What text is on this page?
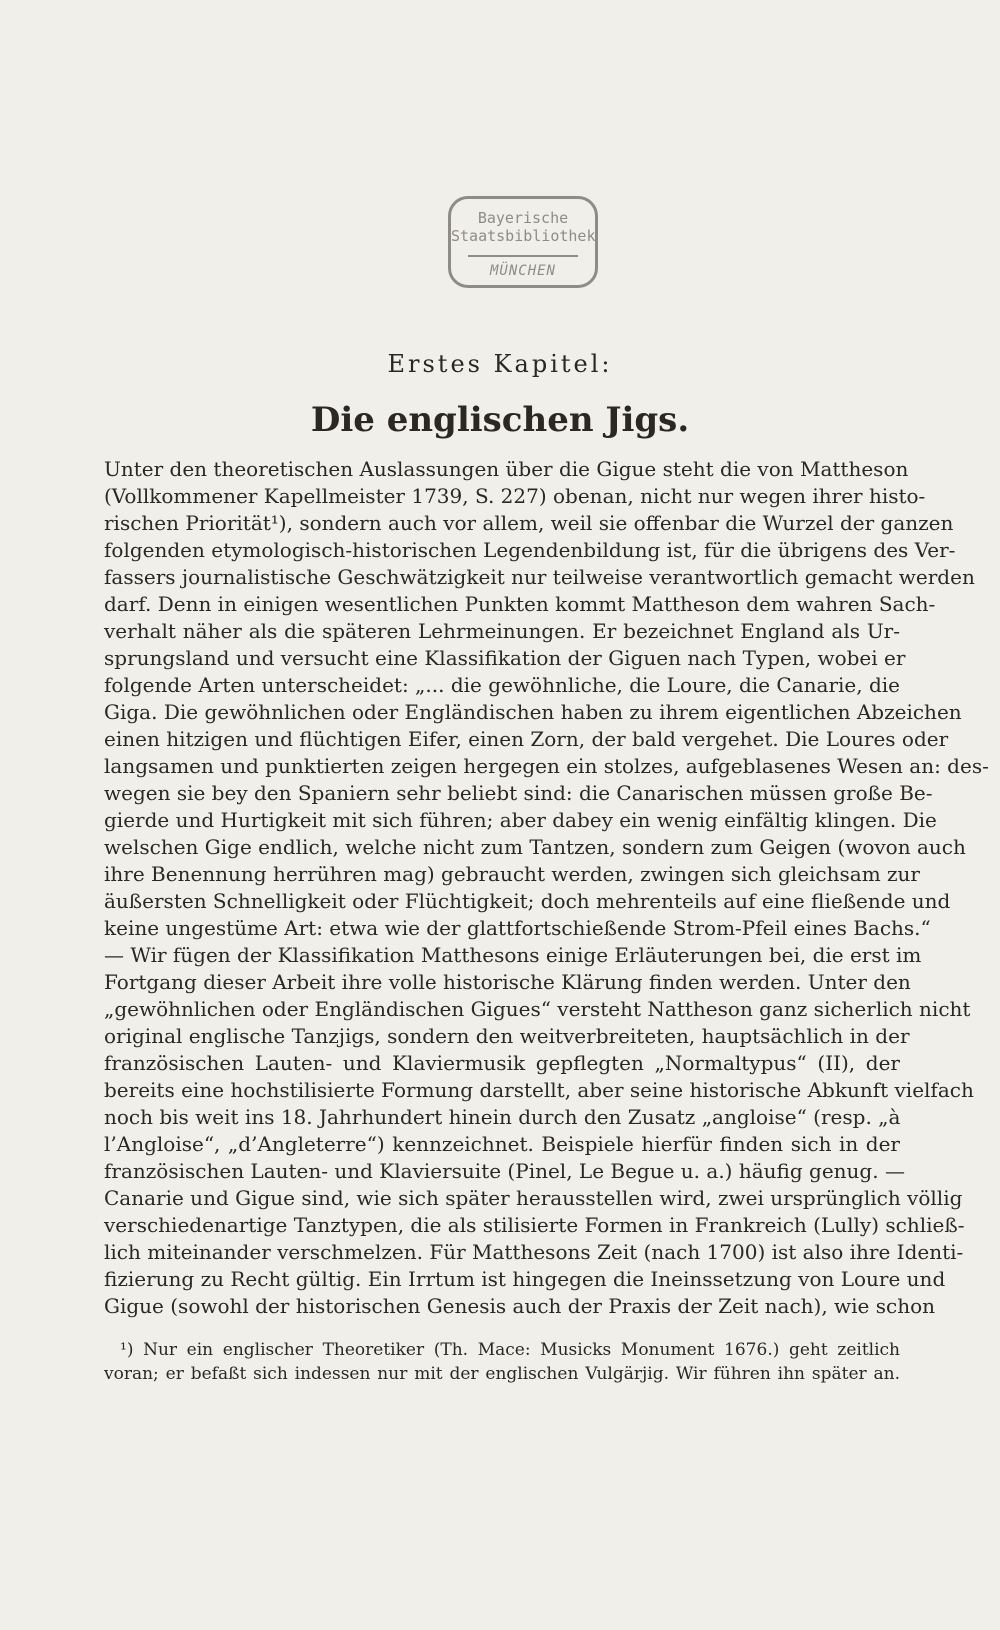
Bayerische
Staatsbibliothek
MÜNCHEN
Erstes Kapitel:
Die englischen Jigs.
Unter den theoretischen Auslassungen über die Gigue steht die von Mattheson
(Vollkommener Kapellmeister 1739, S. 227) obenan, nicht nur wegen ihrer histo-
rischen Priorität¹), sondern auch vor allem, weil sie offenbar die Wurzel der ganzen
folgenden etymologisch-historischen Legendenbildung ist, für die übrigens des Ver-
fassers journalistische Geschwätzigkeit nur teilweise verantwortlich gemacht werden
darf. Denn in einigen wesentlichen Punkten kommt Mattheson dem wahren Sach-
verhalt näher als die späteren Lehrmeinungen. Er bezeichnet England als Ur-
sprungsland und versucht eine Klassifikation der Giguen nach Typen, wobei er
folgende Arten unterscheidet: „... die gewöhnliche, die Loure, die Canarie, die
Giga. Die gewöhnlichen oder Engländischen haben zu ihrem eigentlichen Abzeichen
einen hitzigen und flüchtigen Eifer, einen Zorn, der bald vergehet. Die Loures oder
langsamen und punktierten zeigen hergegen ein stolzes, aufgeblasenes Wesen an: des-
wegen sie bey den Spaniern sehr beliebt sind: die Canarischen müssen große Be-
gierde und Hurtigkeit mit sich führen; aber dabey ein wenig einfältig klingen. Die
welschen Gige endlich, welche nicht zum Tantzen, sondern zum Geigen (wovon auch
ihre Benennung herrühren mag) gebraucht werden, zwingen sich gleichsam zur
äußersten Schnelligkeit oder Flüchtigkeit; doch mehrenteils auf eine fließende und
keine ungestüme Art: etwa wie der glattfortschießende Strom-Pfeil eines Bachs.“
— Wir fügen der Klassifikation Matthesons einige Erläuterungen bei, die erst im
Fortgang dieser Arbeit ihre volle historische Klärung finden werden. Unter den
„gewöhnlichen oder Engländischen Gigues“ versteht Nattheson ganz sicherlich nicht
original englische Tanzjigs, sondern den weitverbreiteten, hauptsächlich in der
französischen Lauten- und Klaviermusik gepflegten „Normaltypus“ (II), der
bereits eine hochstilisierte Formung darstellt, aber seine historische Abkunft vielfach
noch bis weit ins 18. Jahrhundert hinein durch den Zusatz „angloise“ (resp. „à
l’Angloise“, „d’Angleterre“) kennzeichnet. Beispiele hierfür finden sich in der
französischen Lauten- und Klaviersuite (Pinel, Le Begue u. a.) häufig genug. —
Canarie und Gigue sind, wie sich später herausstellen wird, zwei ursprünglich völlig
verschiedenartige Tanztypen, die als stilisierte Formen in Frankreich (Lully) schließ-
lich miteinander verschmelzen. Für Matthesons Zeit (nach 1700) ist also ihre Identi-
fizierung zu Recht gültig. Ein Irrtum ist hingegen die Ineinssetzung von Loure und
Gigue (sowohl der historischen Genesis auch der Praxis der Zeit nach), wie schon
¹) Nur ein englischer Theoretiker (Th. Mace: Musicks Monument 1676.) geht zeitlich
voran; er befaßt sich indessen nur mit der englischen Vulgärjig. Wir führen ihn später an.
